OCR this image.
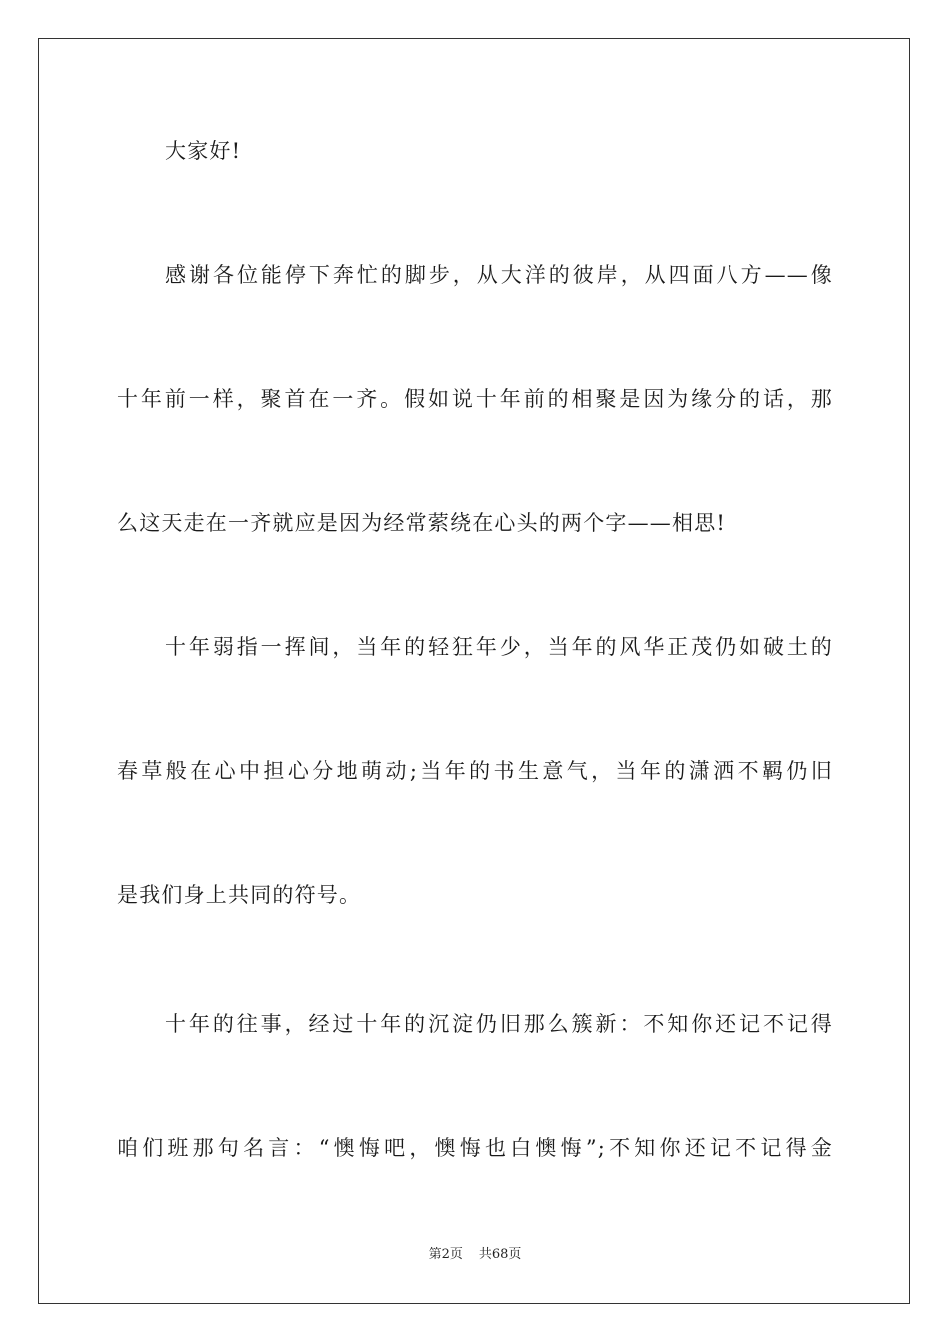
大家好!
感谢各位能停下奔忙的脚步，从大洋的彼岸，从四面八方——像
十年前一样，聚首在一齐。假如说十年前的相聚是因为缘分的话，那
么这天走在一齐就应是因为经常萦绕在心头的两个字——相思!
十年弱指一挥间，当年的轻狂年少，当年的风华正茂仍如破土的
春草般在心中担心分地萌动;当年的书生意气，当年的潇洒不羁仍旧
是我们身上共同的符号。
十年的往事，经过十年的沉淀仍旧那么簇新：不知你还记不记得
咱们班那句名言：“懊悔吧，懊悔也白懊悔”;不知你还记不记得金
第2页 共68页
